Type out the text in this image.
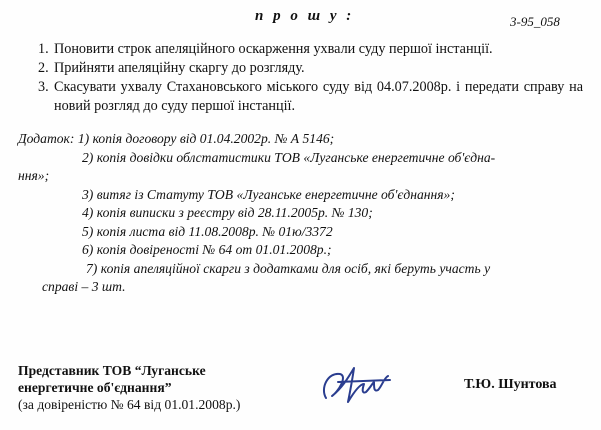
п р о ш у :	3-95_058
1. Поновити строк апеляційного оскарження ухвали суду першої інстанції.
2. Прийняти апеляційну скаргу до розгляду.
3. Скасувати ухвалу Стахановського міського суду від 04.07.2008р. і передати справу на новий розгляд до суду першої інстанції.
Додаток: 1) копія договору від 01.04.2002р. № А 5146;
2) копія довідки облстатистики ТОВ «Луганське енергетичне об'єдна-
ння»;
3) витяг із Статуту ТОВ «Луганське енергетичне об'єднання»;
4) копія виписки з реєстру від 28.11.2005р. № 130;
5) копія листа від 11.08.2008р. № 01ю/3372
6) копія довіреності № 64 от 01.01.2008р.;
7) копія апеляційної скарги з додатками для осіб, які беруть участь у
справі – 3 шт.
Представник ТОВ “Луганське
енергетичне об'єднання”
(за довіреністю № 64 від 01.01.2008р.)
Т.Ю. Шунтова
